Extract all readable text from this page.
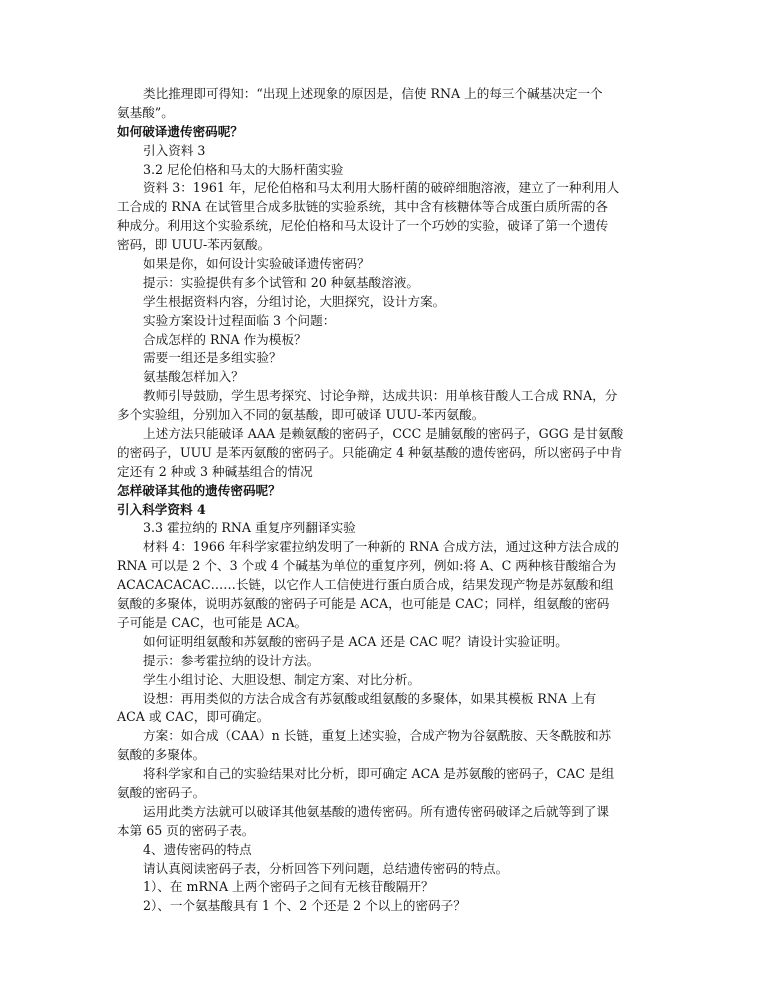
类比推理即可得知：“出现上述现象的原因是，信使 RNA 上的每三个碱基决定一个
氨基酸”。
如何破译遗传密码呢？
引入资料 3
3.2 尼伦伯格和马太的大肠杆菌实验
资料 3：1961 年，尼伦伯格和马太利用大肠杆菌的破碎细胞溶液，建立了一种利用人
工合成的 RNA 在试管里合成多肽链的实验系统，其中含有核糖体等合成蛋白质所需的各
种成分。利用这个实验系统，尼伦伯格和马太设计了一个巧妙的实验，破译了第一个遗传
密码，即 UUU-苯丙氨酸。
如果是你，如何设计实验破译遗传密码？
提示：实验提供有多个试管和 20 种氨基酸溶液。
学生根据资料内容，分组讨论，大胆探究，设计方案。
实验方案设计过程面临 3 个问题：
合成怎样的 RNA 作为模板？
需要一组还是多组实验？
氨基酸怎样加入？
教师引导鼓励，学生思考探究、讨论争辩，达成共识：用单核苷酸人工合成 RNA，分
多个实验组，分别加入不同的氨基酸，即可破译 UUU-苯丙氨酸。
上述方法只能破译 AAA 是赖氨酸的密码子，CCC 是脯氨酸的密码子，GGG 是甘氨酸
的密码子，UUU 是苯丙氨酸的密码子。只能确定 4 种氨基酸的遗传密码，所以密码子中肯
定还有 2 种或 3 种碱基组合的情况
怎样破译其他的遗传密码呢？
引入科学资料 4
3.3 霍拉纳的 RNA 重复序列翻译实验
材料 4：1966 年科学家霍拉纳发明了一种新的 RNA 合成方法，通过这种方法合成的
RNA 可以是 2 个、3 个或 4 个碱基为单位的重复序列，例如:将 A、C 两种核苷酸缩合为
ACACACACAC……长链，以它作人工信使进行蛋白质合成，结果发现产物是苏氨酸和组
氨酸的多聚体，说明苏氨酸的密码子可能是 ACA，也可能是 CAC；同样，组氨酸的密码
子可能是 CAC，也可能是 ACA。
如何证明组氨酸和苏氨酸的密码子是 ACA 还是 CAC 呢？请设计实验证明。
提示：参考霍拉纳的设计方法。
学生小组讨论、大胆设想、制定方案、对比分析。
设想：再用类似的方法合成含有苏氨酸或组氨酸的多聚体，如果其模板 RNA 上有
ACA 或 CAC，即可确定。
方案：如合成（CAA）n 长链，重复上述实验，合成产物为谷氨酰胺、天冬酰胺和苏
氨酸的多聚体。
将科学家和自己的实验结果对比分析，即可确定 ACA 是苏氨酸的密码子，CAC 是组
氨酸的密码子。
运用此类方法就可以破译其他氨基酸的遗传密码。所有遗传密码破译之后就等到了课
本第 65 页的密码子表。
4、遗传密码的特点
请认真阅读密码子表，分析回答下列问题，总结遗传密码的特点。
1）、在 mRNA 上两个密码子之间有无核苷酸隔开？
2）、一个氨基酸具有 1 个、2 个还是 2 个以上的密码子？
